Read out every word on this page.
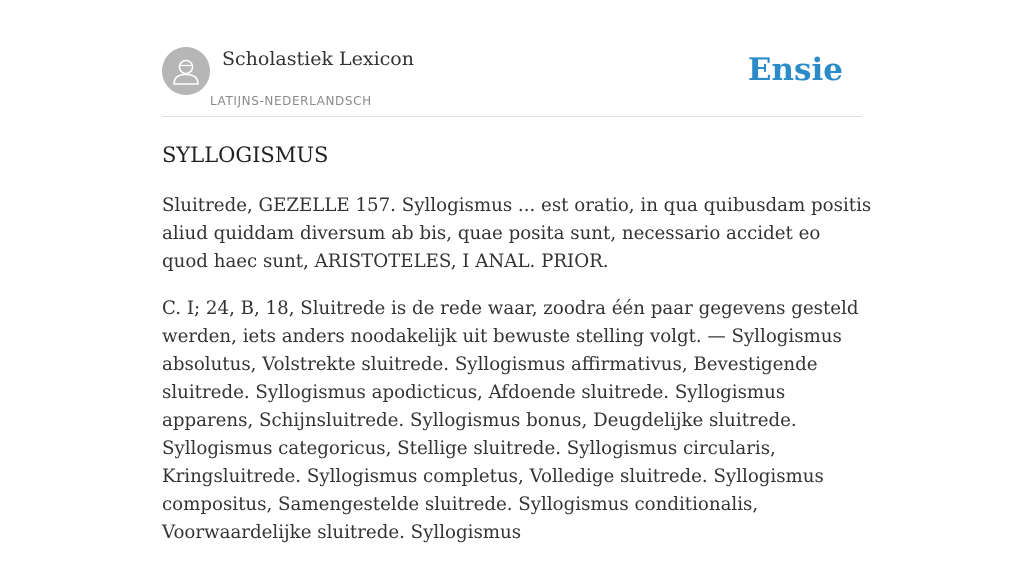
Scholastiek Lexicon
LATIJNS-NEDERLANDSCH
Ensie
SYLLOGISMUS

Sluitrede, GEZELLE 157. Syllogismus ... est oratio, in qua quibusdam positis aliud quiddam diversum ab bis, quae posita sunt, necessario accidet eo quod haec sunt, ARISTOTELES, I ANAL. PRIOR.

C. I; 24, B, 18, Sluitrede is de rede waar, zoodra één paar gegevens gesteld werden, iets anders noodakelijk uit bewuste stelling volgt. — Syllogismus absolutus, Volstrekte sluitrede. Syllogismus affirmativus, Bevestigende sluitrede. Syllogismus apodicticus, Afdoende sluitrede. Syllogismus apparens, Schijnsluitrede. Syllogismus bonus, Deugdelijke sluitrede. Syllogismus categoricus, Stellige sluitrede. Syllogismus circularis, Kringsluitrede. Syllogismus completus, Volledige sluitrede. Syllogismus compositus, Samengestelde sluitrede. Syllogismus conditionalis, Voorwaardelijke sluitrede. Syllogismus
